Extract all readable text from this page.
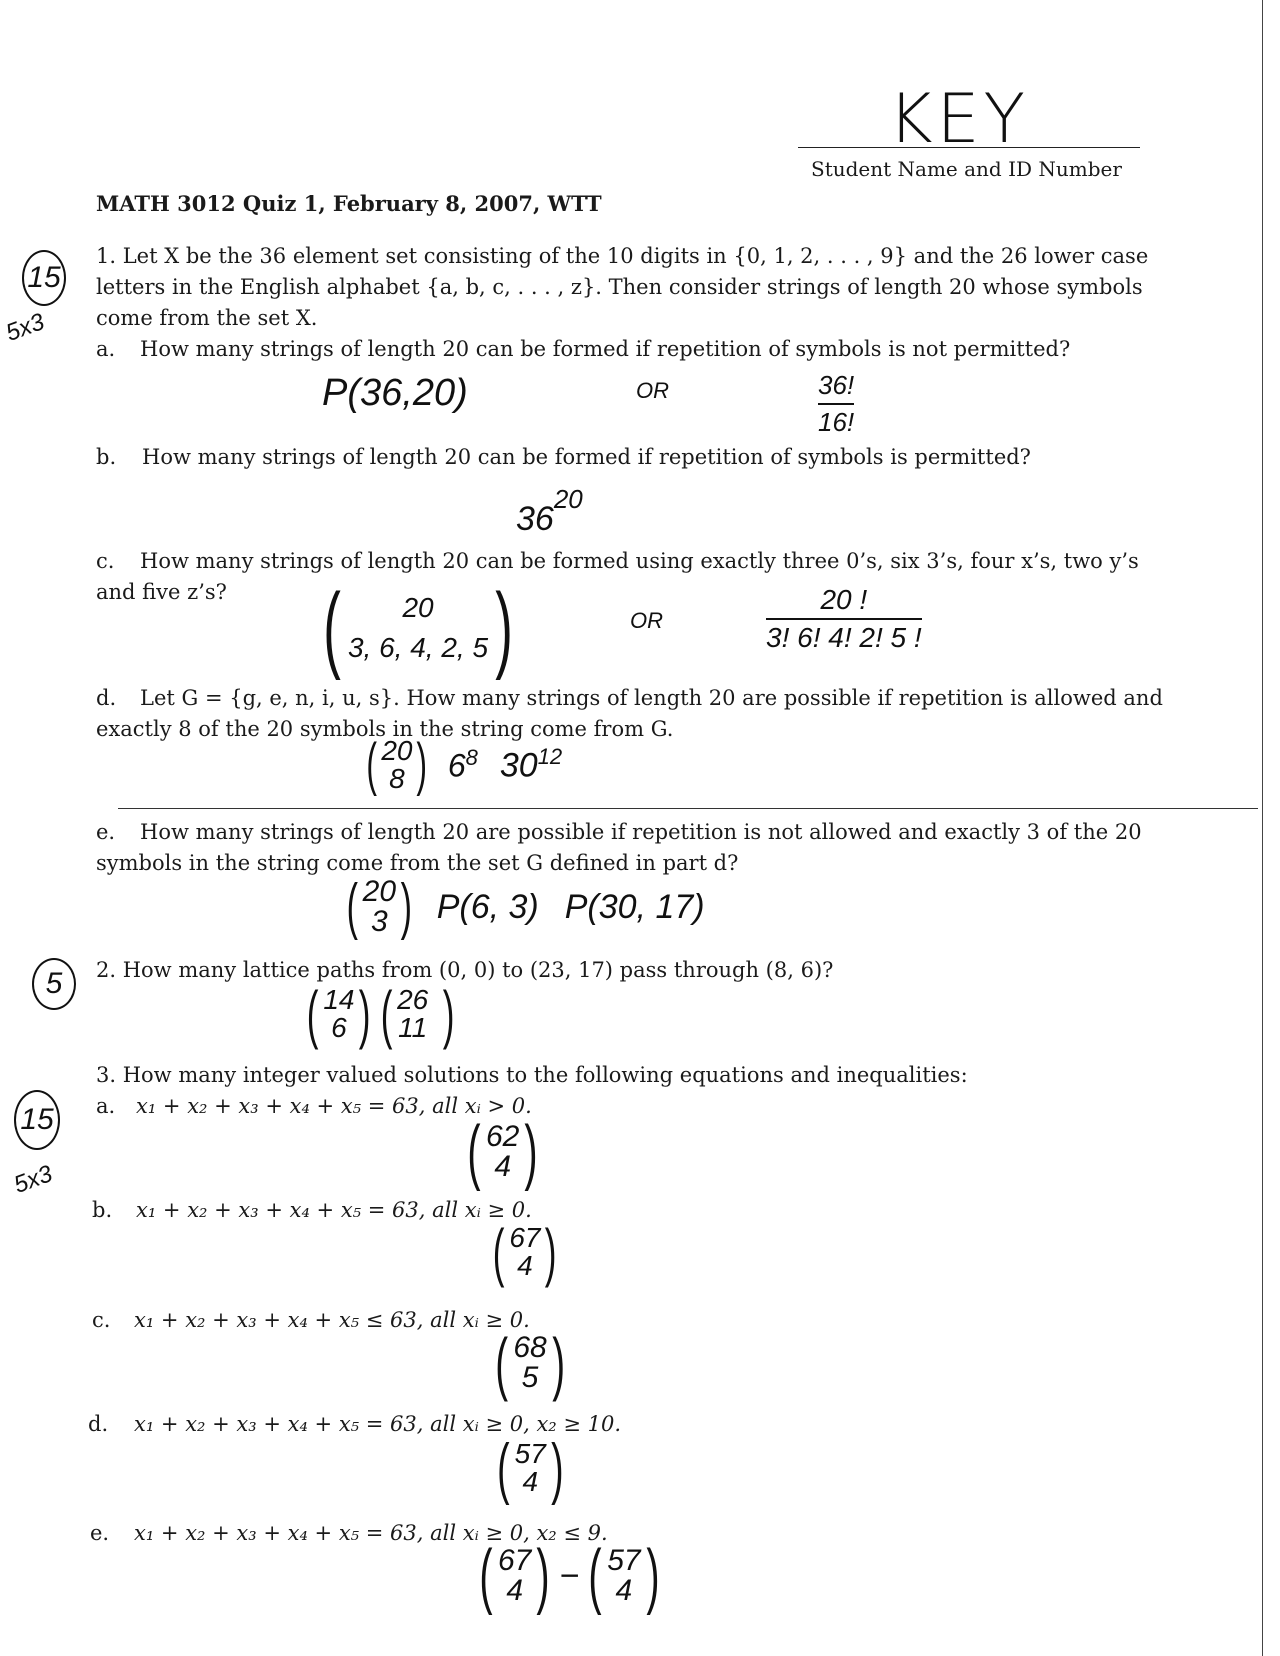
KEY
Student Name and ID Number
MATH 3012 Quiz 1, February 8, 2007, WTT
15
5x3
5
15
5x3
1. Let X be the 36 element set consisting of the 10 digits in {0, 1, 2, . . . , 9} and the 26 lower case
letters in the English alphabet {a, b, c, . . . , z}. Then consider strings of length 20 whose symbols
come from the set X.
a. How many strings of length 20 can be formed if repetition of symbols is not permitted?
P(36,20)	OR	36!
16!
b. How many strings of length 20 can be formed if repetition of symbols is permitted?
$36^{20}$
c. How many strings of length 20 can be formed using exactly three 0’s, six 3’s, four x’s, two y’s
and five z’s? ( 20
3, 6, 4, 2, 5 )	OR
20 !
3! 6! 4! 2! 5 !
d. Let G = {g, e, n, i, u, s}. How many strings of length 20 are possible if repetition is allowed and
exactly 8 of the 20 symbols in the string come from G.
( 20
8 ) $6^8$ $30^{12}$
e. How many strings of length 20 are possible if repetition is not allowed and exactly 3 of the 20
symbols in the string come from the set G defined in part d?
( 20
3 ) P(6, 3) P(30, 17)
2. How many lattice paths from (0, 0) to (23, 17) pass through (8, 6)?
( 14
6 ) ( 26
11 )
3. How many integer valued solutions to the following equations and inequalities:
a. x₁ + x₂ + x₃ + x₄ + x₅ = 63, all xᵢ > 0.
( 62
4 )
b. x₁ + x₂ + x₃ + x₄ + x₅ = 63, all xᵢ ≥ 0.
( 67
4 )
c. x₁ + x₂ + x₃ + x₄ + x₅ ≤ 63, all xᵢ ≥ 0.
( 68
5 )
d. x₁ + x₂ + x₃ + x₄ + x₅ = 63, all xᵢ ≥ 0, x₂ ≥ 10.
( 57
4 )
e. x₁ + x₂ + x₃ + x₄ + x₅ = 63, all xᵢ ≥ 0, x₂ ≤ 9.
( 67
4 ) − ( 57
4 )
